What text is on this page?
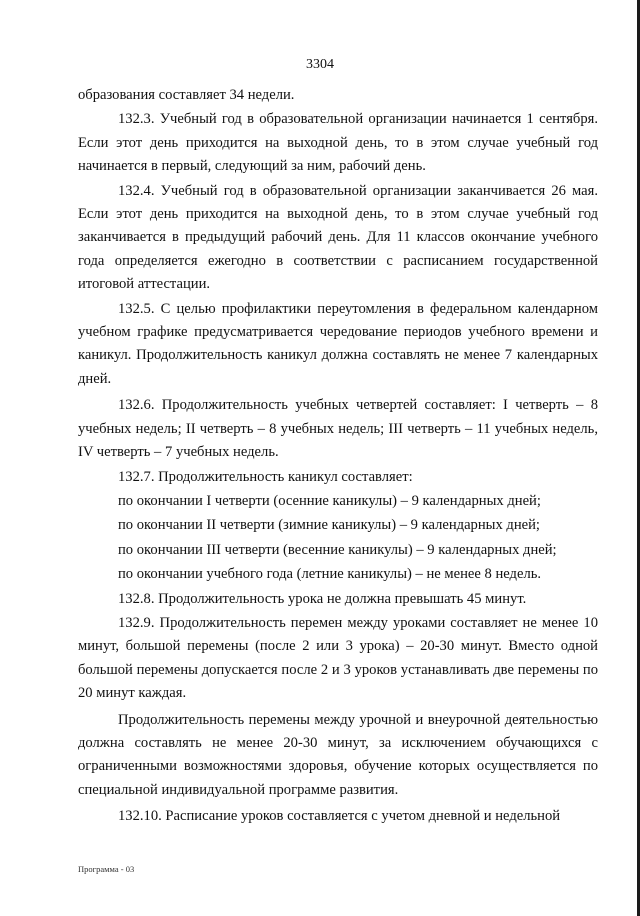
3304

образования составляет 34 недели.

132.3. Учебный год в образовательной организации начинается 1 сентября. Если этот день приходится на выходной день, то в этом случае учебный год начинается в первый, следующий за ним, рабочий день.

132.4. Учебный год в образовательной организации заканчивается 26 мая. Если этот день приходится на выходной день, то в этом случае учебный год заканчивается в предыдущий рабочий день. Для 11 классов окончание учебного года определяется ежегодно в соответствии с расписанием государственной итоговой аттестации.

132.5. С целью профилактики переутомления в федеральном календарном учебном графике предусматривается чередование периодов учебного времени и каникул. Продолжительность каникул должна составлять не менее 7 календарных дней.

132.6. Продолжительность учебных четвертей составляет: I четверть – 8 учебных недель; II четверть – 8 учебных недель; III четверть – 11 учебных недель, IV четверть – 7 учебных недель.

132.7. Продолжительность каникул составляет:

по окончании I четверти (осенние каникулы) – 9 календарных дней;

по окончании II четверти (зимние каникулы) – 9 календарных дней;

по окончании III четверти (весенние каникулы) – 9 календарных дней;

по окончании учебного года (летние каникулы) – не менее 8 недель.

132.8. Продолжительность урока не должна превышать 45 минут.

132.9. Продолжительность перемен между уроками составляет не менее 10 минут, большой перемены (после 2 или 3 урока) – 20-30 минут. Вместо одной большой перемены допускается после 2 и 3 уроков устанавливать две перемены по 20 минут каждая.

Продолжительность перемены между урочной и внеурочной деятельностью должна составлять не менее 20-30 минут, за исключением обучающихся с ограниченными возможностями здоровья, обучение которых осуществляется по специальной индивидуальной программе развития.

132.10. Расписание уроков составляется с учетом дневной и недельной

Программа - 03
